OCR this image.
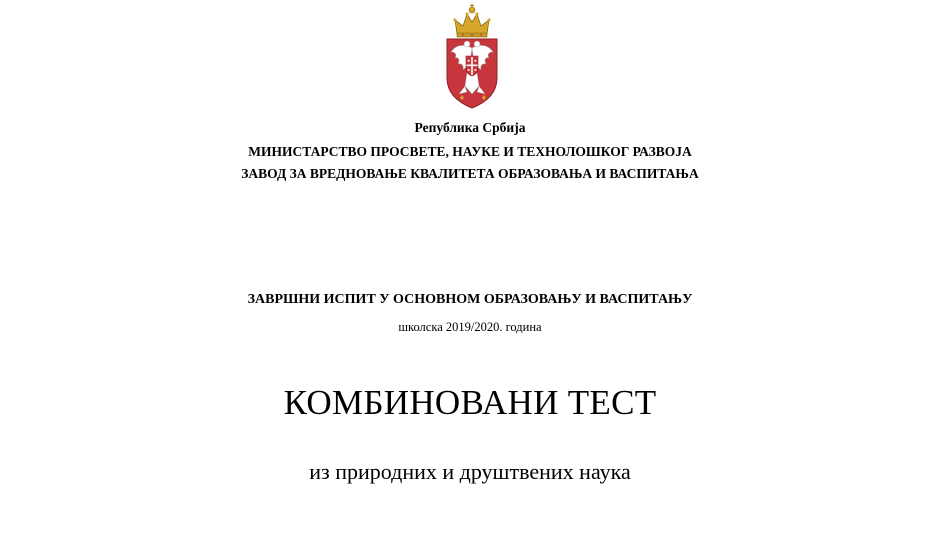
Република Србија
МИНИСТАРСТВО ПРОСВЕТЕ, НАУКЕ И ТЕХНОЛОШКОГ РАЗВОЈА
ЗАВОД ЗА ВРЕДНОВАЊЕ КВАЛИТЕТА ОБРАЗОВАЊА И ВАСПИТАЊА
ЗАВРШНИ ИСПИТ У ОСНОВНОМ ОБРАЗОВАЊУ И ВАСПИТАЊУ
школска 2019/2020. година
КОМБИНОВАНИ ТЕСТ
из природних и друштвених наука
